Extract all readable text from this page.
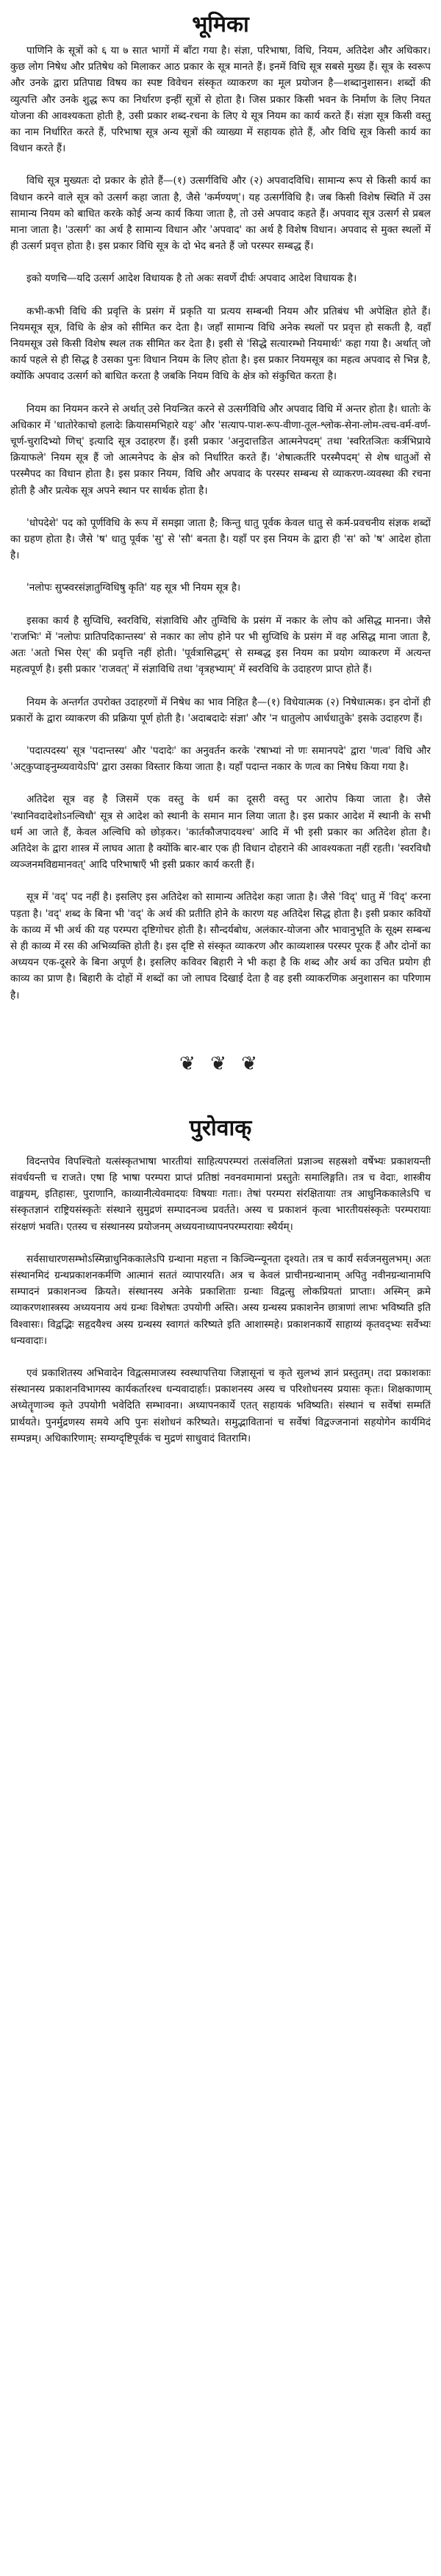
भूमिका

पाणिनि के सूत्रों को ६ या ७ सात भागों में बाँटा गया है। संज्ञा, परिभाषा, विधि, नियम, अतिदेश और अधिकार। कुछ लोग निषेध और प्रतिषेध को मिलाकर आठ प्रकार के सूत्र मानते हैं। इनमें विधि सूत्र सबसे मुख्य हैं। सूत्र के स्वरूप और उनके द्वारा प्रतिपाद्य विषय का स्पष्ट विवेचन संस्कृत व्याकरण का मूल प्रयोजन है—शब्दानुशासन। शब्दों की व्युत्पत्ति और उनके शुद्ध रूप का निर्धारण इन्हीं सूत्रों से होता है। जिस प्रकार किसी भवन के निर्माण के लिए नियत योजना की आवश्यकता होती है, उसी प्रकार शब्द-रचना के लिए ये सूत्र नियम का कार्य करते हैं। संज्ञा सूत्र किसी वस्तु का नाम निर्धारित करते हैं, परिभाषा सूत्र अन्य सूत्रों की व्याख्या में सहायक होते हैं, और विधि सूत्र किसी कार्य का विधान करते हैं।

विधि सूत्र मुख्यतः दो प्रकार के होते हैं—(१) उत्सर्गविधि और (२) अपवादविधि। सामान्य रूप से किसी कार्य का विधान करने वाले सूत्र को उत्सर्ग कहा जाता है, जैसे 'कर्मण्यण्'। यह उत्सर्गविधि है। जब किसी विशेष स्थिति में उस सामान्य नियम को बाधित करके कोई अन्य कार्य किया जाता है, तो उसे अपवाद कहते हैं। अपवाद सूत्र उत्सर्ग से प्रबल माना जाता है। 'उत्सर्ग' का अर्थ है सामान्य विधान और 'अपवाद' का अर्थ है विशेष विधान। अपवाद से मुक्त स्थलों में ही उत्सर्ग प्रवृत्त होता है। इस प्रकार विधि सूत्र के दो भेद बनते हैं जो परस्पर सम्बद्ध हैं।

इको यणचि—यदि उत्सर्ग आदेश विधायक है तो अकः सवर्णे दीर्घः अपवाद आदेश विधायक है।

कभी-कभी विधि की प्रवृत्ति के प्रसंग में प्रकृति या प्रत्यय सम्बन्धी नियम और प्रतिबंध भी अपेक्षित होते हैं। नियमसूत्र सूत्र, विधि के क्षेत्र को सीमित कर देता है। जहाँ सामान्य विधि अनेक स्थलों पर प्रवृत्त हो सकती है, वहाँ नियमसूत्र उसे किसी विशेष स्थल तक सीमित कर देता है। इसी से 'सिद्धे सत्यारम्भो नियमार्थः' कहा गया है। अर्थात् जो कार्य पहले से ही सिद्ध है उसका पुनः विधान नियम के लिए होता है। इस प्रकार नियमसूत्र का महत्व अपवाद से भिन्न है, क्योंकि अपवाद उत्सर्ग को बाधित करता है जबकि नियम विधि के क्षेत्र को संकुचित करता है।

नियम का नियमन करने से अर्थात् उसे नियन्त्रित करने से उत्सर्गविधि और अपवाद विधि में अन्तर होता है। धातोः के अधिकार में 'धातोरेकाचो हलादेः क्रियासमभिहारे यङ्' और 'सत्याप-पाश-रूप-वीणा-तूल-श्लोक-सेना-लोम-त्वच-वर्म-वर्ण-चूर्ण-चुरादिभ्यो णिच्' इत्यादि सूत्र उदाहरण हैं। इसी प्रकार 'अनुदात्तङित आत्मनेपदम्' तथा 'स्वरितञितः कर्त्रभिप्राये क्रियाफले' नियम सूत्र हैं जो आत्मनेपद के क्षेत्र को निर्धारित करते हैं। 'शेषात्कर्तरि परस्मैपदम्' से शेष धातुओं से परस्मैपद का विधान होता है। इस प्रकार नियम, विधि और अपवाद के परस्पर सम्बन्ध से व्याकरण-व्यवस्था की रचना होती है और प्रत्येक सूत्र अपने स्थान पर सार्थक होता है।

'धोपदेशे' पद को पूर्णविधि के रूप में समझा जाता है; किन्तु धातु पूर्वक केवल धातु से कर्म-प्रवचनीय संज्ञक शब्दों का ग्रहण होता है। जैसे 'ष' धातु पूर्वक 'सु' से 'सौ' बनता है। यहाँ पर इस नियम के द्वारा ही 'स' को 'ष' आदेश होता है।

'नलोपः सुप्स्वरसंज्ञातुग्विधिषु कृति' यह सूत्र भी नियम सूत्र है।

इसका कार्य है सुप्विधि, स्वरविधि, संज्ञाविधि और तुग्विधि के प्रसंग में नकार के लोप को असिद्ध मानना। जैसे 'राजभिः' में 'नलोपः प्रातिपदिकान्तस्य' से नकार का लोप होने पर भी सुप्विधि के प्रसंग में वह असिद्ध माना जाता है, अतः 'अतो भिस ऐस्' की प्रवृत्ति नहीं होती। 'पूर्वत्रासिद्धम्' से सम्बद्ध इस नियम का प्रयोग व्याकरण में अत्यन्त महत्वपूर्ण है। इसी प्रकार 'राजवत्' में संज्ञाविधि तथा 'वृत्रहभ्याम्' में स्वरविधि के उदाहरण प्राप्त होते हैं।

नियम के अन्तर्गत उपरोक्त उदाहरणों में निषेध का भाव निहित है—(१) विधेयात्मक (२) निषेधात्मक। इन दोनों ही प्रकारों के द्वारा व्याकरण की प्रक्रिया पूर्ण होती है। 'अदाबदादेः संज्ञा' और 'न धातुलोप आर्धधातुके' इसके उदाहरण हैं।

'पदात्पदस्य' सूत्र 'पदान्तस्य' और 'पदादेः' का अनुवर्तन करके 'रषाभ्यां नो णः समानपदे' द्वारा 'णत्व' विधि और 'अट्कुप्वाङ्नुम्व्यवायेऽपि' द्वारा उसका विस्तार किया जाता है। यहाँ पदान्त नकार के णत्व का निषेध किया गया है।

अतिदेश सूत्र वह है जिसमें एक वस्तु के धर्म का दूसरी वस्तु पर आरोप किया जाता है। जैसे 'स्थानिवदादेशोऽनल्विधौ' सूत्र से आदेश को स्थानी के समान मान लिया जाता है। इस प्रकार आदेश में स्थानी के सभी धर्म आ जाते हैं, केवल अल्विधि को छोड़कर। 'कार्तकौजपादयश्च' आदि में भी इसी प्रकार का अतिदेश होता है। अतिदेश के द्वारा शास्त्र में लाघव आता है क्योंकि बार-बार एक ही विधान दोहराने की आवश्यकता नहीं रहती। 'स्वरविधौ व्यञ्जनमविद्यमानवत्' आदि परिभाषाएँ भी इसी प्रकार कार्य करती हैं।

सूत्र में 'वद्' पद नहीं है। इसलिए इस अतिदेश को सामान्य अतिदेश कहा जाता है। जैसे 'विद्' धातु में 'विद्' करना पड़ता है। 'वद्' शब्द के बिना भी 'वद्' के अर्थ की प्रतीति होने के कारण यह अतिदेश सिद्ध होता है। इसी प्रकार कवियों के काव्य में भी अर्थ की यह परम्परा दृष्टिगोचर होती है। सौन्दर्यबोध, अलंकार-योजना और भावानुभूति के सूक्ष्म सम्बन्ध से ही काव्य में रस की अभिव्यक्ति होती है। इस दृष्टि से संस्कृत व्याकरण और काव्यशास्त्र परस्पर पूरक हैं और दोनों का अध्ययन एक-दूसरे के बिना अपूर्ण है। इसलिए कविवर बिहारी ने भी कहा है कि शब्द और अर्थ का उचित प्रयोग ही काव्य का प्राण है। बिहारी के दोहों में शब्दों का जो लाघव दिखाई देता है वह इसी व्याकरणिक अनुशासन का परिणाम है।

❦ ❦ ❦
पुरोवाक्

विदन्तपेव विपश्चितो यत्संस्कृतभाषा भारतीयां साहित्यपरम्परां तत्संवलितां प्रज्ञाञ्च सहस्रशो वर्षेभ्यः प्रकाशयन्ती संवर्धयन्ती च राजते। एषा हि भाषा परम्परा प्राप्तं प्रतिष्ठां नवनवमामानां प्रस्तुतेः समालिङ्गति। तत्र च वेदाः, शास्त्रीय वाङ्मयम्, इतिहासः, पुराणानि, काव्यानीत्येवमादयः विषयाः गताः। तेषां परम्परा संरक्षितायाः तत्र आधुनिककालेऽपि च संस्कृतज्ञानं राष्ट्रियसंस्कृतेः संस्थाने सुमुद्रणं सम्पादनञ्च प्रवर्तते। अस्य च प्रकाशनं कृत्वा भारतीयसंस्कृतेः परम्परायाः संरक्षणं भवति। एतस्य च संस्थानस्य प्रयोजनम् अध्ययनाध्यापनपरम्परायाः स्थैर्यम्।

सर्वसाधारणसम्भोऽस्मिन्नाधुनिककालेऽपि ग्रन्थाना महत्ता न किञ्चिन्न्यूनता दृश्यते। तत्र च कार्यं सर्वजनसुलभम्। अतः संस्थानमिदं ग्रन्थप्रकाशनकर्मणि आत्मानं सततं व्यापारयति। अत्र च केवलं प्राचीनग्रन्थानाम् अपितु नवीनग्रन्थानामपि सम्पादनं प्रकाशनञ्च क्रियते। संस्थानस्य अनेके प्रकाशिताः ग्रन्थाः विद्वत्सु लोकप्रियतां प्राप्ताः। अस्मिन् क्रमे व्याकरणशास्त्रस्य अध्ययनाय अयं ग्रन्थः विशेषतः उपयोगी अस्ति। अस्य ग्रन्थस्य प्रकाशनेन छात्राणां लाभः भविष्यति इति विश्वासः। विद्वद्भिः सहृदयैश्च अस्य ग्रन्थस्य स्वागतं करिष्यते इति आशास्महे। प्रकाशनकार्ये साहाय्यं कृतवद्भ्यः सर्वेभ्यः धन्यवादाः।

एवं प्रकाशितस्य अभिवादेन विद्वत्समाजस्य स्वस्थापत्तिया जिज्ञासूनां च कृते सुलभ्यं ज्ञानं प्रस्तुतम्। तदा प्रकाशकाः संस्थानस्य प्रकाशनविभागस्य कार्यकर्तारश्च धन्यवादार्हाः। प्रकाशनस्य अस्य च परिशोधनस्य प्रयासः कृतः। शिक्षकाणाम् अध्येतॄणाञ्च कृते उपयोगी भवेदिति सम्भावना। अध्यापनकार्ये एतत् सहायकं भविष्यति। संस्थानं च सर्वेषां सम्मतिं प्रार्थयते। पुनर्मुद्रणस्य समये अपि पुनः संशोधनं करिष्यते। समुद्भावितानां च सर्वेषां विद्वज्जनानां सहयोगेन कार्यमिदं सम्पन्नम्। अधिकारिणाम्: सम्यग्दृष्टिपूर्वकं च मुद्रणं साधुवादं वितरामि।
